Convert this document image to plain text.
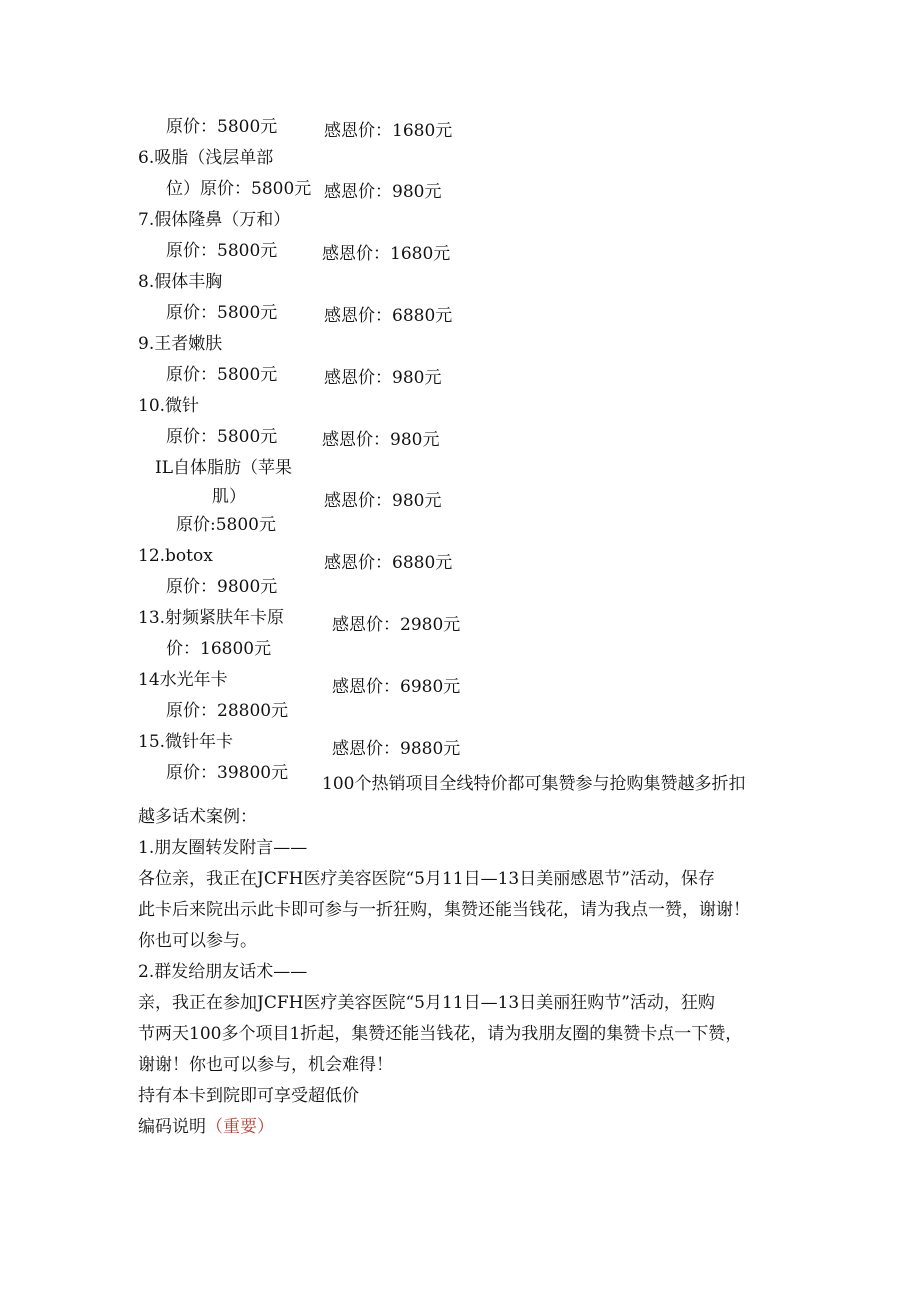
原价：5800元	感恩价：1680元
6.吸脂（浅层单部
位）原价：5800元 感恩价：980元
7.假体隆鼻（万和）
原价：5800元	感恩价：1680元
8.假体丰胸
原价：5800元	感恩价：6880元
9.王者嫩肤
原价：5800元	感恩价：980元
10.微针
原价：5800元	感恩价：980元
IL自体脂肪（苹果
肌）	感恩价：980元
原价:5800元
12.botox	感恩价：6880元
原价：9800元
13.射频紧肤年卡原	感恩价：2980元
价：16800元
14水光年卡	感恩价：6980元
原价：28800元
15.微针年卡	感恩价：9880元
原价：39800元
100个热销项目全线特价都可集赞参与抢购集赞越多折扣
越多话术案例：
1.朋友圈转发附言——
各位亲，我正在JCFH医疗美容医院“5月11日—13日美丽感恩节”活动，保存
此卡后来院出示此卡即可参与一折狂购，集赞还能当钱花，请为我点一赞，谢谢！
你也可以参与。
2.群发给朋友话术——
亲，我正在参加JCFH医疗美容医院“5月11日—13日美丽狂购节”活动，狂购
节两天100多个项目1折起，集赞还能当钱花，请为我朋友圈的集赞卡点一下赞，
谢谢！你也可以参与，机会难得！
持有本卡到院即可享受超低价
编码说明（重要）
